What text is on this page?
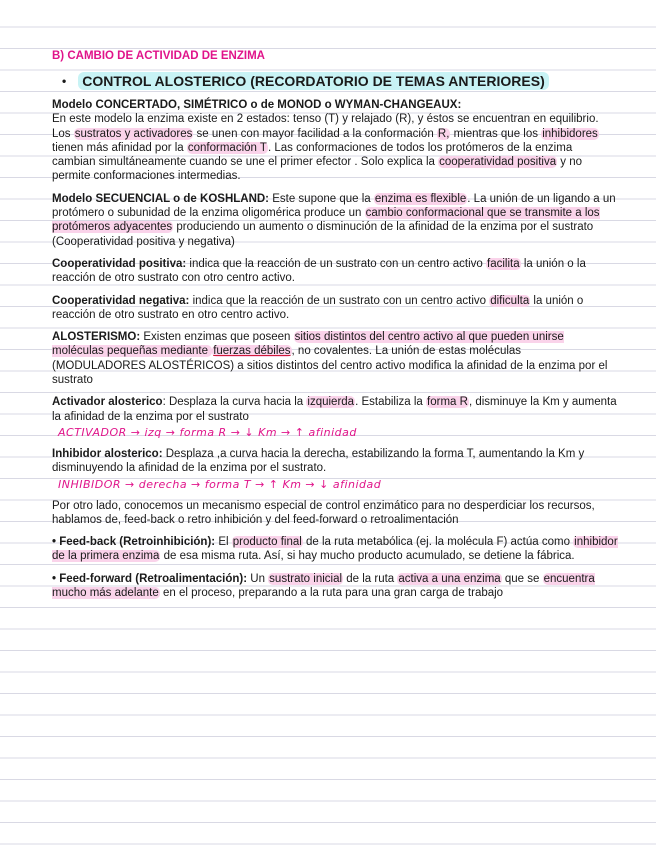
B) CAMBIO DE ACTIVIDAD DE ENZIMA
• CONTROL ALOSTERICO (RECORDATORIO DE TEMAS ANTERIORES)

Modelo CONCERTADO, SIMÉTRICO o de MONOD o WYMAN-CHANGEAUX:
En este modelo la enzima existe en 2 estados: tenso (T) y relajado (R), y éstos se encuentran en equilibrio. Los sustratos y activadores se unen con mayor facilidad a la conformación R, mientras que los inhibidores tienen más afinidad por la conformación T. Las conformaciones de todos los protómeros de la enzima cambian simultáneamente cuando se une el primer efector . Solo explica la cooperatividad positiva y no permite conformaciones intermedias.

Modelo SECUENCIAL o de KOSHLAND: Este supone que la enzima es flexible. La unión de un ligando a un protómero o subunidad de la enzima oligomérica produce un cambio conformacional que se transmite a los protómeros adyacentes produciendo un aumento o disminución de la afinidad de la enzima por el sustrato (Cooperatividad positiva y negativa)

Cooperatividad positiva: indica que la reacción de un sustrato con un centro activo facilita la unión o la reacción de otro sustrato con otro centro activo.

Cooperatividad negativa: indica que la reacción de un sustrato con un centro activo dificulta la unión o reacción de otro sustrato en otro centro activo.

ALOSTERISMO: Existen enzimas que poseen sitios distintos del centro activo al que pueden unirse moléculas pequeñas mediante fuerzas débiles, no covalentes. La unión de estas moléculas (MODULADORES ALOSTÉRICOS) a sitios distintos del centro activo modifica la afinidad de la enzima por el sustrato

Activador alosterico: Desplaza la curva hacia la izquierda. Estabiliza la forma R, disminuye la Km y aumenta la afinidad de la enzima por el sustrato

ACTIVADOR → izq → forma R → ↓ Km → ↑ afinidad

Inhibidor alosterico: Desplaza ,a curva hacia la derecha, estabilizando la forma T, aumentando la Km y disminuyendo la afinidad de la enzima por el sustrato.

INHIBIDOR → derecha → forma T → ↑ Km → ↓ afinidad

Por otro lado, conocemos un mecanismo especial de control enzimático para no desperdiciar los recursos, hablamos de, feed-back o retro inhibición y del feed-forward o retroalimentación

• Feed-back (Retroinhibición): El producto final de la ruta metabólica (ej. la molécula F) actúa como inhibidor de la primera enzima de esa misma ruta. Así, si hay mucho producto acumulado, se detiene la fábrica.

• Feed-forward (Retroalimentación): Un sustrato inicial de la ruta activa a una enzima que se encuentra mucho más adelante en el proceso, preparando a la ruta para una gran carga de trabajo
